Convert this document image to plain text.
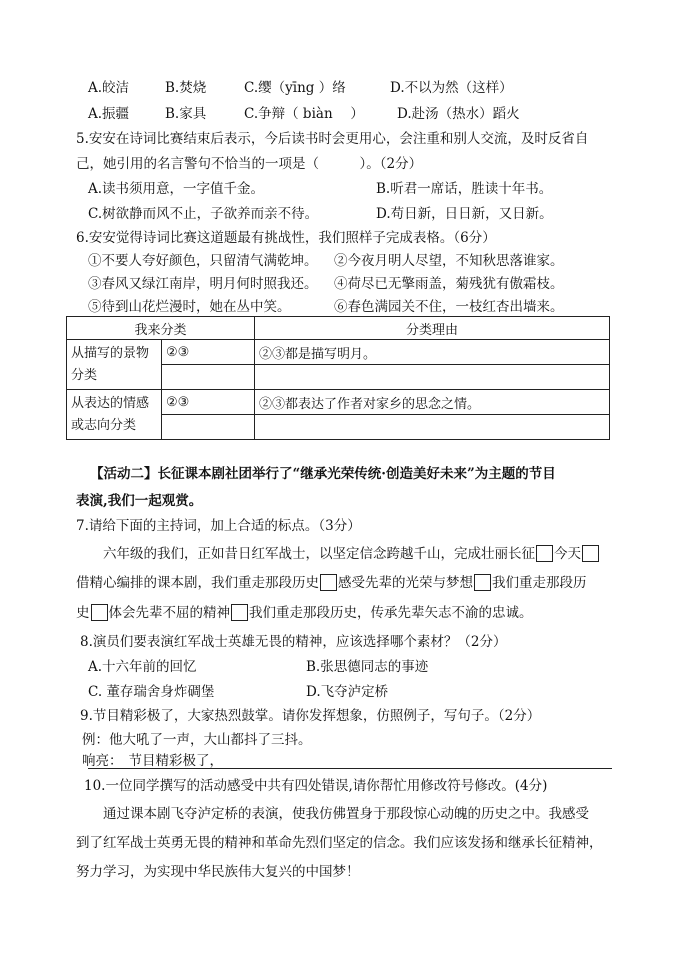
A.皎洁	B.焚烧	C.缨（yīng ）络	D.不以为然（这样）
A.振疆	B.家具	C.争辩（ biàn　 ） D.赴汤（热水）蹈火
5.安安在诗词比赛结束后表示，今后读书时会更用心，会注重和别人交流，及时反省自
己，她引用的名言警句不恰当的一项是（　　　）。（2分）
A.读书须用意，一字值千金。	B.听君一席话，胜读十年书。
C.树欲静而风不止，子欲养而亲不待。	D.苟日新，日日新，又日新。
6.安安觉得诗词比赛这道题最有挑战性，我们照样子完成表格。（6分）
①不要人夸好颜色，只留清气满乾坤。 ②今夜月明人尽望，不知秋思落谁家。
③春风又绿江南岸，明月何时照我还。 ④荷尽已无擎雨盖，菊残犹有傲霜枝。
⑤待到山花烂漫时，她在丛中笑。	⑥春色满园关不住，一枝红杏出墙来。
我来分类		分类理由
从描写的景物分类	②③	②③都是描写明月。

从表达的情感或志向分类	②③	②③都表达了作者对家乡的思念之情。

【活动二】长征课本剧社团举行了“继承光荣传统·创造美好未来”为主题的节目
表演,我们一起观赏。
7.请给下面的主持词，加上合适的标点。（3分）
六年级的我们，正如昔日红军战士，以坚定信念跨越千山，完成壮丽长征 今天
借精心编排的课本剧，我们重走那段历史 感受先辈的光荣与梦想 我们重走那段历
史 体会先辈不屈的精神 我们重走那段历史，传承先辈矢志不渝的忠诚。
8.演员们要表演红军战士英雄无畏的精神，应该选择哪个素材？（2分）
A.十六年前的回忆	B.张思德同志的事迹
C. 董存瑞舍身炸碉堡	D.飞夺泸定桥
9.节目精彩极了，大家热烈鼓掌。请你发挥想象，仿照例子，写句子。（2分）
例：他大吼了一声，大山都抖了三抖。
响亮： 节目精彩极了，
10.一位同学撰写的活动感受中共有四处错误,请你帮忙用修改符号修改。(4分)
通过课本剧飞夺泸定桥的表演，使我仿佛置身于那段惊心动魄的历史之中。我感受
到了红军战士英勇无畏的精神和革命先烈们坚定的信念。我们应该发扬和继承长征精神，
努力学习，为实现中华民族伟大复兴的中国梦！
